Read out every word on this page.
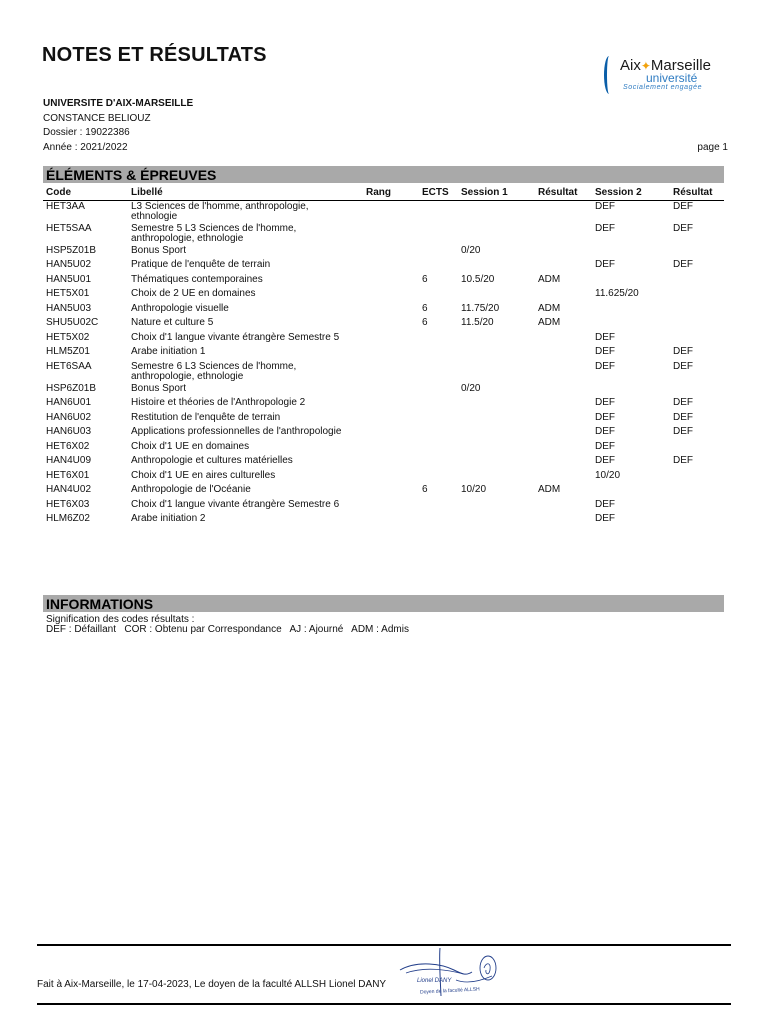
NOTES ET RÉSULTATS	Aix✦Marseille
université
Socialement engagée
UNIVERSITE D'AIX-MARSEILLE
CONSTANCE BELIOUZ
Dossier : 19022386
Année : 2021/2022	page 1
ÉLÉMENTS & ÉPREUVES
Code	Libellé	Rang	ECTS	Session 1	Résultat	Session 2	Résultat
HET3AA	L3 Sciences de l'homme, anthropologie, ethnologie					DEF	DEF
HET5SAA	Semestre 5 L3 Sciences de l'homme, anthropologie, ethnologie					DEF	DEF
HSP5Z01B	Bonus Sport			0/20			
HAN5U02	Pratique de l'enquête de terrain					DEF	DEF
HAN5U01	Thématiques contemporaines		6	10.5/20	ADM		
HET5X01	Choix de 2 UE en domaines					11.625/20	
HAN5U03	Anthropologie visuelle		6	11.75/20	ADM		
SHU5U02C	Nature et culture 5		6	11.5/20	ADM		
HET5X02	Choix d'1 langue vivante étrangère Semestre 5					DEF	
HLM5Z01	Arabe initiation 1					DEF	DEF
HET6SAA	Semestre 6 L3 Sciences de l'homme, anthropologie, ethnologie					DEF	DEF
HSP6Z01B	Bonus Sport			0/20			
HAN6U01	Histoire et théories de l'Anthropologie 2					DEF	DEF
HAN6U02	Restitution de l'enquête de terrain					DEF	DEF
HAN6U03	Applications professionnelles de l'anthropologie					DEF	DEF
HET6X02	Choix d'1 UE en domaines					DEF	
HAN4U09	Anthropologie et cultures matérielles					DEF	DEF
HET6X01	Choix d'1 UE en aires culturelles					10/20	
HAN4U02	Anthropologie de l'Océanie		6	10/20	ADM		
HET6X03	Choix d'1 langue vivante étrangère Semestre 6					DEF	
HLM6Z02	Arabe initiation 2					DEF	
INFORMATIONS
Signification des codes résultats :
DEF : Défaillant   COR : Obtenu par Correspondance   AJ : Ajourné   ADM : Admis
Fait à Aix-Marseille, le 17-04-2023, Le doyen de la faculté ALLSH Lionel DANY	Lionel DANY
Doyen de la faculté ALLSH
